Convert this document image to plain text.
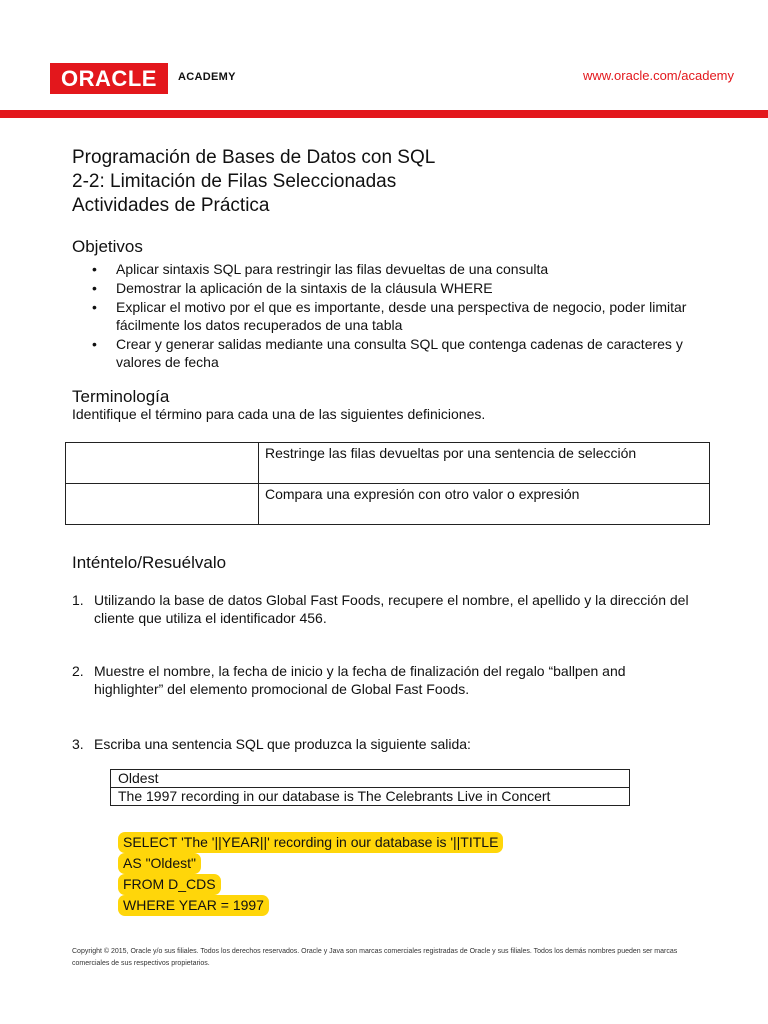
ORACLE	ACADEMY	www.oracle.com/academy
Programación de Bases de Datos con SQL
2-2: Limitación de Filas Seleccionadas
Actividades de Práctica
Objetivos
• Aplicar sintaxis SQL para restringir las filas devueltas de una consulta
• Demostrar la aplicación de la sintaxis de la cláusula WHERE
• Explicar el motivo por el que es importante, desde una perspectiva de negocio, poder limitar fácilmente los datos recuperados de una tabla
• Crear y generar salidas mediante una consulta SQL que contenga cadenas de caracteres y valores de fecha
Terminología
Identifique el término para cada una de las siguientes definiciones.
	Restringe las filas devueltas por una sentencia de selección
	Compara una expresión con otro valor o expresión
Inténtelo/Resuélvalo
1. Utilizando la base de datos Global Fast Foods, recupere el nombre, el apellido y la dirección del cliente que utiliza el identificador 456.
2. Muestre el nombre, la fecha de inicio y la fecha de finalización del regalo “ballpen and highlighter” del elemento promocional de Global Fast Foods.
3. Escriba una sentencia SQL que produzca la siguiente salida:
Oldest
The 1997 recording in our database is The Celebrants Live in Concert
SELECT 'The '||YEAR||' recording in our database is '||TITLE
AS "Oldest"
FROM D_CDS
WHERE YEAR = 1997
Copyright © 2015, Oracle y/o sus filiales. Todos los derechos reservados. Oracle y Java son marcas comerciales registradas de Oracle y sus filiales. Todos los demás nombres pueden ser marcas comerciales de sus respectivos propietarios.
